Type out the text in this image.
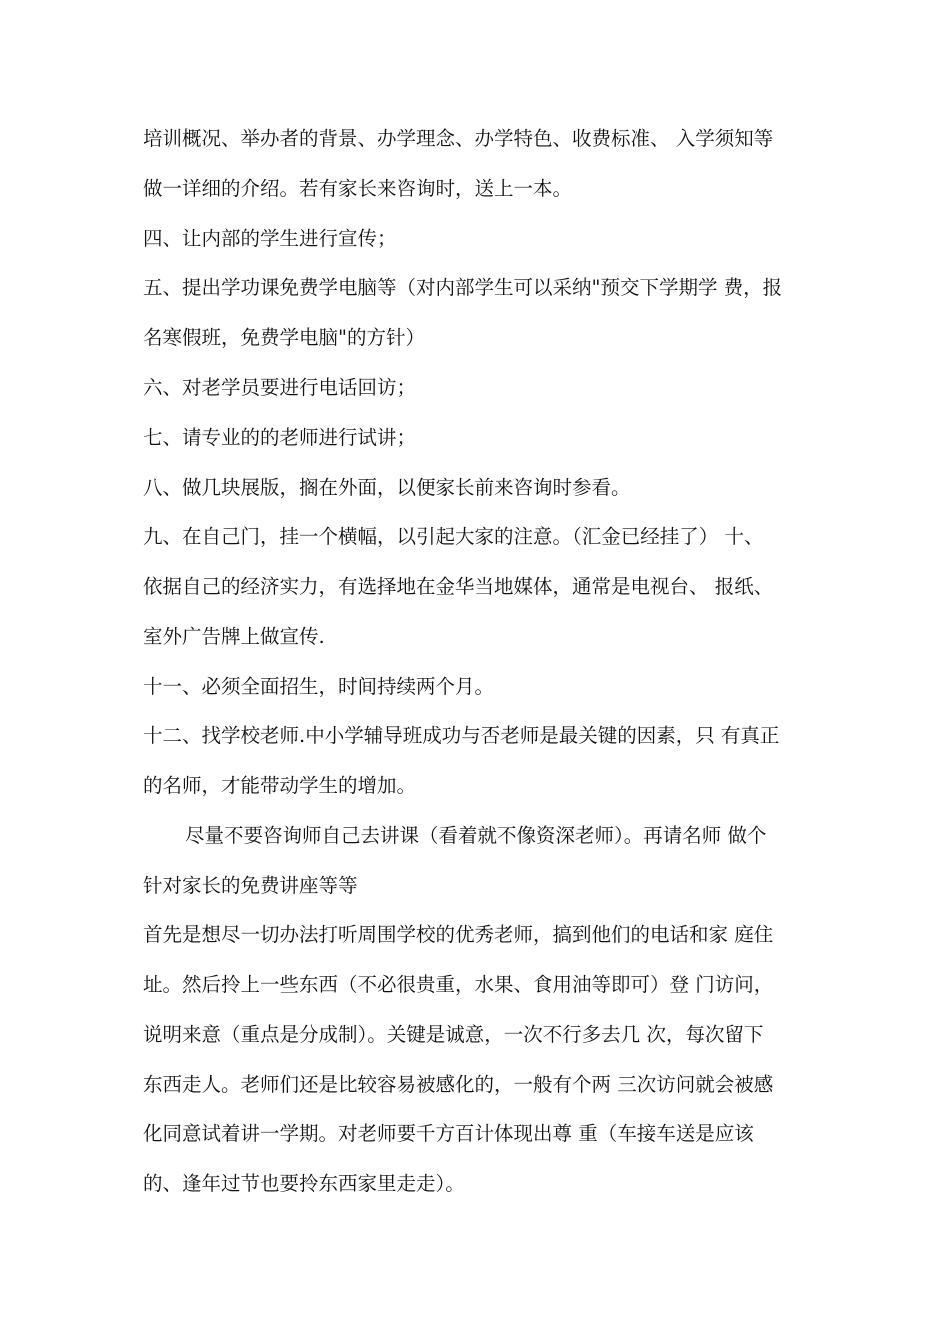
培训概况、举办者的背景、办学理念、办学特色、收费标准、 入学须知等
做一详细的介绍。若有家长来咨询时，送上一本。
四、让内部的学生进行宣传；
五、提出学功课免费学电脑等（对内部学生可以采纳"预交下学期学 费，报
名寒假班，免费学电脑"的方针）
六、对老学员要进行电话回访；
七、请专业的的老师进行试讲；
八、做几块展版，搁在外面，以便家长前来咨询时参看。
九、在自己门，挂一个横幅，以引起大家的注意。（汇金已经挂了） 十、
依据自己的经济实力，有选择地在金华当地媒体，通常是电视台、 报纸、
室外广告牌上做宣传.
十一、必须全面招生，时间持续两个月。
十二、找学校老师.中小学辅导班成功与否老师是最关键的因素，只 有真正
的名师，才能带动学生的增加。
尽量不要咨询师自己去讲课（看着就不像资深老师）。再请名师 做个
针对家长的免费讲座等等
首先是想尽一切办法打听周围学校的优秀老师，搞到他们的电话和家 庭住
址。然后拎上一些东西（不必很贵重，水果、食用油等即可）登 门访问，
说明来意（重点是分成制）。关键是诚意，一次不行多去几 次，每次留下
东西走人。老师们还是比较容易被感化的，一般有个两 三次访问就会被感
化同意试着讲一学期。对老师要千方百计体现出尊 重（车接车送是应该
的、逢年过节也要拎东西家里走走）。
